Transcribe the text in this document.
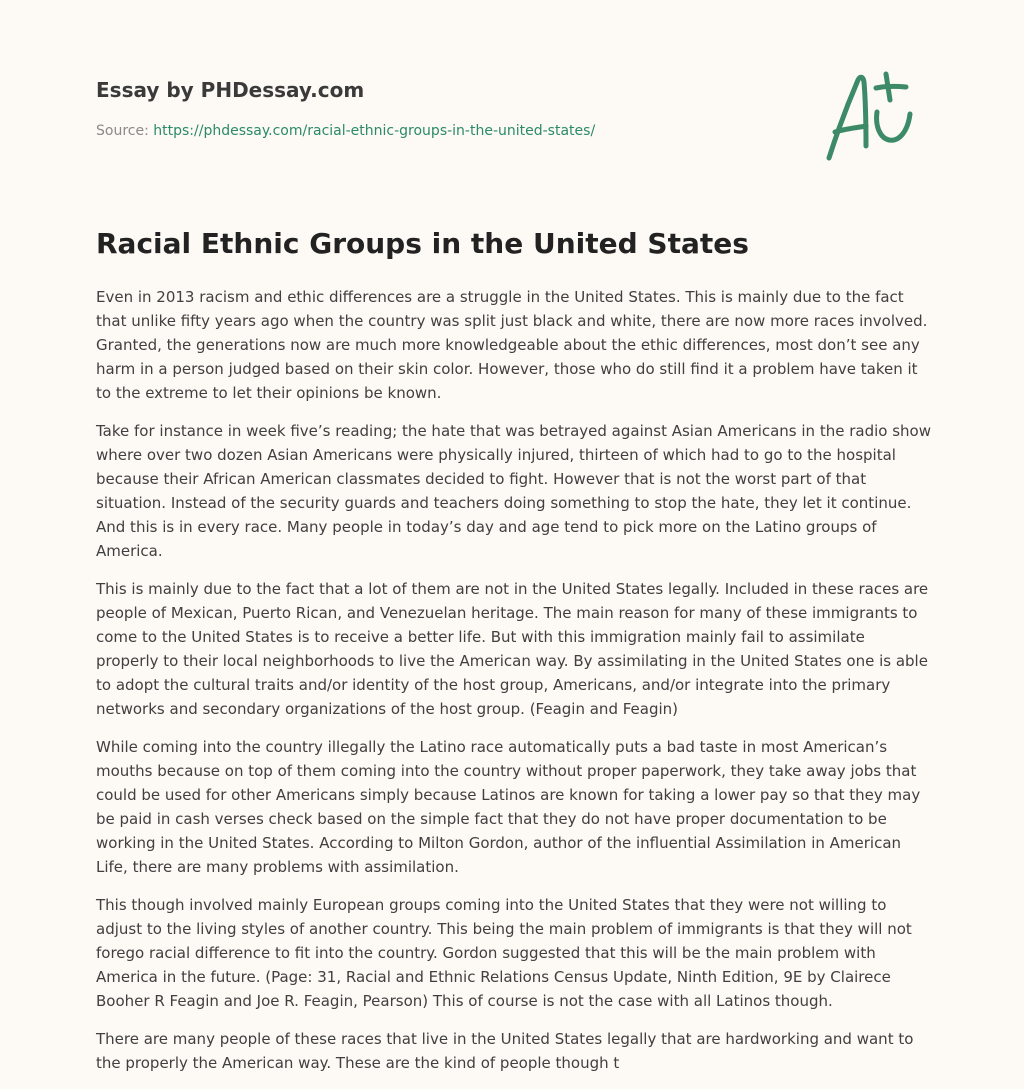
Essay by PHDessay.com
Source: https://phdessay.com/racial-ethnic-groups-in-the-united-states/
Racial Ethnic Groups in the United States

Even in 2013 racism and ethic differences are a struggle in the United States. This is mainly due to the fact that unlike fifty years ago when the country was split just black and white, there are now more races involved. Granted, the generations now are much more knowledgeable about the ethic differences, most don’t see any harm in a person judged based on their skin color. However, those who do still find it a problem have taken it to the extreme to let their opinions be known.

Take for instance in week five’s reading; the hate that was betrayed against Asian Americans in the radio show where over two dozen Asian Americans were physically injured, thirteen of which had to go to the hospital because their African American classmates decided to fight. However that is not the worst part of that situation. Instead of the security guards and teachers doing something to stop the hate, they let it continue. And this is in every race. Many people in today’s day and age tend to pick more on the Latino groups of America.

This is mainly due to the fact that a lot of them are not in the United States legally. Included in these races are people of Mexican, Puerto Rican, and Venezuelan heritage. The main reason for many of these immigrants to come to the United States is to receive a better life. But with this immigration mainly fail to assimilate properly to their local neighborhoods to live the American way. By assimilating in the United States one is able to adopt the cultural traits and/or identity of the host group, Americans, and/or integrate into the primary networks and secondary organizations of the host group. (Feagin and Feagin)

While coming into the country illegally the Latino race automatically puts a bad taste in most American’s mouths because on top of them coming into the country without proper paperwork, they take away jobs that could be used for other Americans simply because Latinos are known for taking a lower pay so that they may be paid in cash verses check based on the simple fact that they do not have proper documentation to be working in the United States. According to Milton Gordon, author of the influential Assimilation in American Life, there are many problems with assimilation.

This though involved mainly European groups coming into the United States that they were not willing to adjust to the living styles of another country. This being the main problem of immigrants is that they will not forego racial difference to fit into the country. Gordon suggested that this will be the main problem with America in the future. (Page: 31, Racial and Ethnic Relations Census Update, Ninth Edition, 9E by Clairece Booher R Feagin and Joe R. Feagin, Pearson) This of course is not the case with all Latinos though.

There are many people of these races that live in the United States legally that are hardworking and want to the properly the American way. These are the kind of people though t
